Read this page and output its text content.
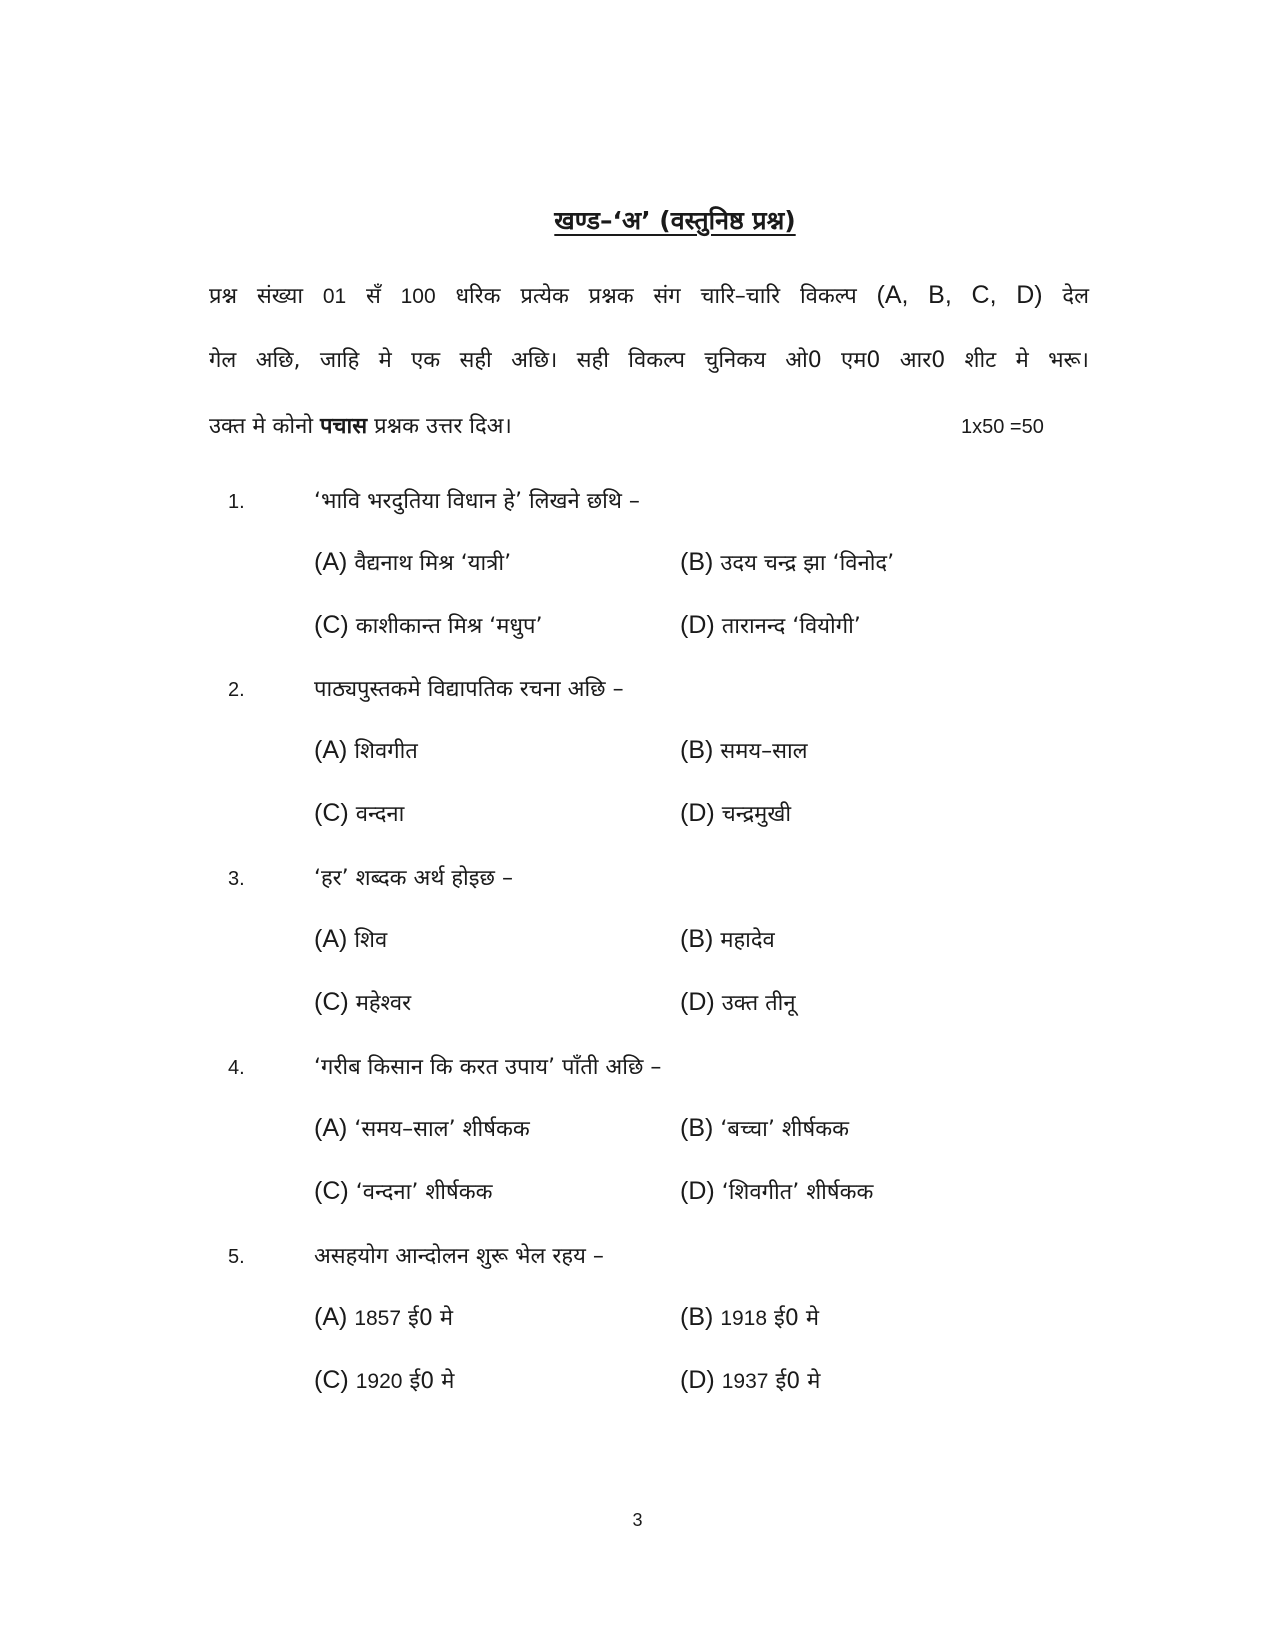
खण्ड–‘अ’ (वस्तुनिष्ठ प्रश्न)
प्रश्न संख्या 01 सँ 100 धरिक प्रत्येक प्रश्नक संग चारि–चारि विकल्प (A, B, C, D) देल
गेल अछि, जाहि मे एक सही अछि। सही विकल्प चुनिकय ओ0 एम0 आर0 शीट मे भरू।
उक्त मे कोनो पचास प्रश्नक उत्तर दिअ।	1x50 =50
1.	‘भावि भरदुतिया विधान हे’ लिखने छथि –
(A) वैद्यनाथ मिश्र ‘यात्री’	(B) उदय चन्द्र झा ‘विनोद’
(C) काशीकान्त मिश्र ‘मधुप’	(D) तारानन्द ‘वियोगी’
2.	पाठ्यपुस्तकमे विद्यापतिक रचना अछि –
(A) शिवगीत	(B) समय–साल
(C) वन्दना	(D) चन्द्रमुखी
3.	‘हर’ शब्दक अर्थ होइछ –
(A) शिव	(B) महादेव
(C) महेश्वर	(D) उक्त तीनू
4.	‘गरीब किसान कि करत उपाय’ पाँती अछि –
(A) ‘समय–साल’ शीर्षकक	(B) ‘बच्चा’ शीर्षकक
(C) ‘वन्दना’ शीर्षकक	(D) ‘शिवगीत’ शीर्षकक
5.	असहयोग आन्दोलन शुरू भेल रहय –
(A) 1857 ई0 मे	(B) 1918 ई0 मे
(C) 1920 ई0 मे	(D) 1937 ई0 मे
3
